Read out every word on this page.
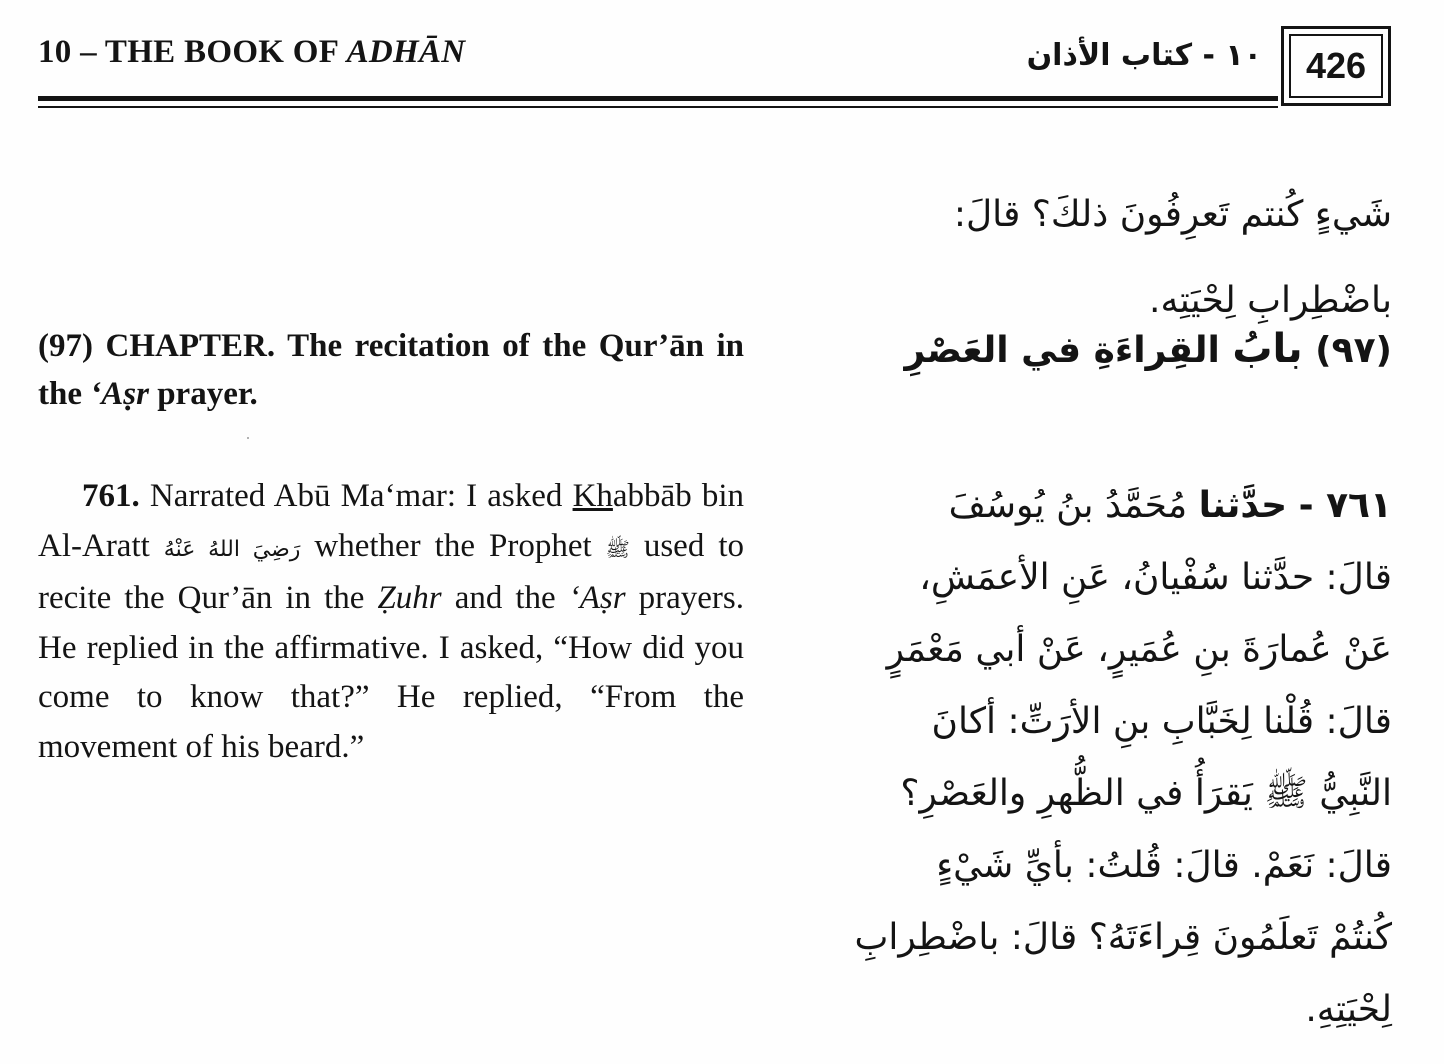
10 – THE BOOK OF ADHĀN	١٠ - كتاب الأذان	426
شَيءٍ كُنتم تَعرِفُونَ ذلكَ؟ قالَ:
باضْطِرابِ لِحْيَتِه.
(٩٧) بابُ القِراءَةِ في العَصْرِ
٧٦١ - حدَّثنا مُحَمَّدُ بنُ يُوسُفَ
قالَ: حدَّثنا سُفْيانُ، عَنِ الأعمَشِ،
عَنْ عُمارَةَ بنِ عُمَيرٍ، عَنْ أبي مَعْمَرٍ
قالَ: قُلْنا لِخَبَّابِ بنِ الأرَتِّ: أكانَ
النَّبِيُّ ﷺ يَقرَأُ في الظُّهرِ والعَصْرِ؟
قالَ: نَعَمْ. قالَ: قُلتُ: بأيِّ شَيْءٍ
كُنتُمْ تَعلَمُونَ قِراءَتَهُ؟ قالَ: باضْطِرابِ
لِحْيَتِهِ.
(97) CHAPTER. The recitation of the Qur’ān in the ‘Aṣr prayer.
761. Narrated Abū Ma‘mar: I asked Khabbāb bin Al-Aratt رَضِيَ اللهُ عَنْهُ whether the Prophet ﷺ used to recite the Qur’ān in the Ẓuhr and the ‘Aṣr prayers. He replied in the affirmative. I asked, “How did you come to know that?” He replied, “From the movement of his beard.”
